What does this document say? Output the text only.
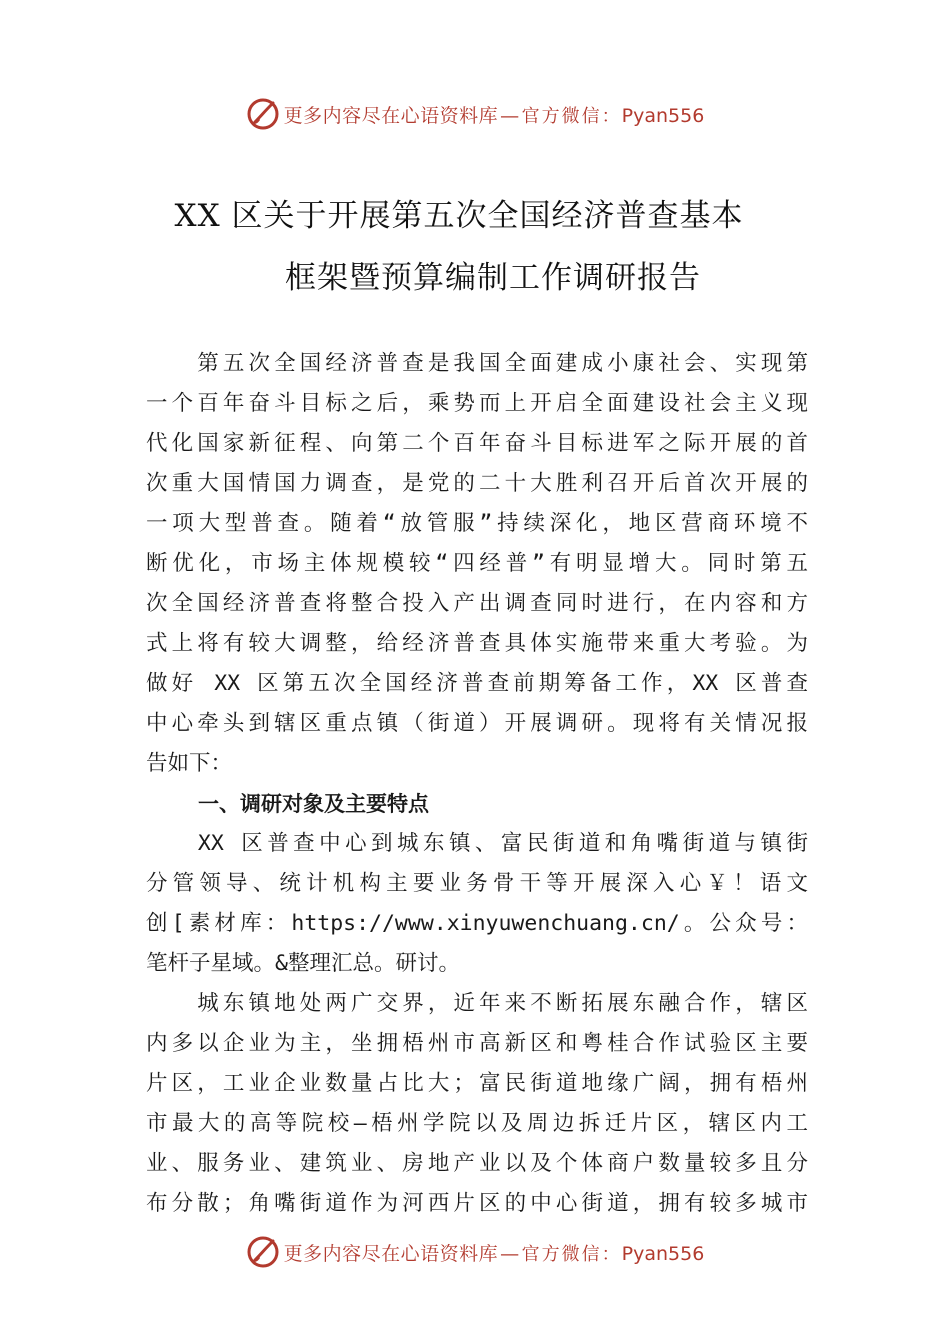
更多内容尽在心语资料库 — 官方微信：Pyan556
XX 区关于开展第五次全国经济普查基本
框架暨预算编制工作调研报告
　　第五次全国经济普查是我国全面建成小康社会、实现第
一个百年奋斗目标之后，乘势而上开启全面建设社会主义现
代化国家新征程、向第二个百年奋斗目标进军之际开展的首
次重大国情国力调查，是党的二十大胜利召开后首次开展的
一项大型普查。随着“放管服”持续深化，地区营商环境不
断优化，市场主体规模较“四经普”有明显增大。同时第五
次全国经济普查将整合投入产出调查同时进行，在内容和方
式上将有较大调整，给经济普查具体实施带来重大考验。为
做好 XX 区第五次全国经济普查前期筹备工作，XX 区普查
中心牵头到辖区重点镇（街道）开展调研。现将有关情况报
告如下：
一、调研对象及主要特点
　　XX 区普查中心到城东镇、富民街道和角嘴街道与镇街
分管领导、统计机构主要业务骨干等开展深入心￥！语文
创[素材库：https://www.xinyuwenchuang.cn/。公众号：
笔杆子星域。&整理汇总。研讨。
　　城东镇地处两广交界，近年来不断拓展东融合作，辖区
内多以企业为主，坐拥梧州市高新区和粤桂合作试验区主要
片区，工业企业数量占比大；富民街道地缘广阔，拥有梧州
市最大的高等院校—梧州学院以及周边拆迁片区，辖区内工
业、服务业、建筑业、房地产业以及个体商户数量较多且分
布分散；角嘴街道作为河西片区的中心街道，拥有较多城市
更多内容尽在心语资料库 — 官方微信：Pyan556
